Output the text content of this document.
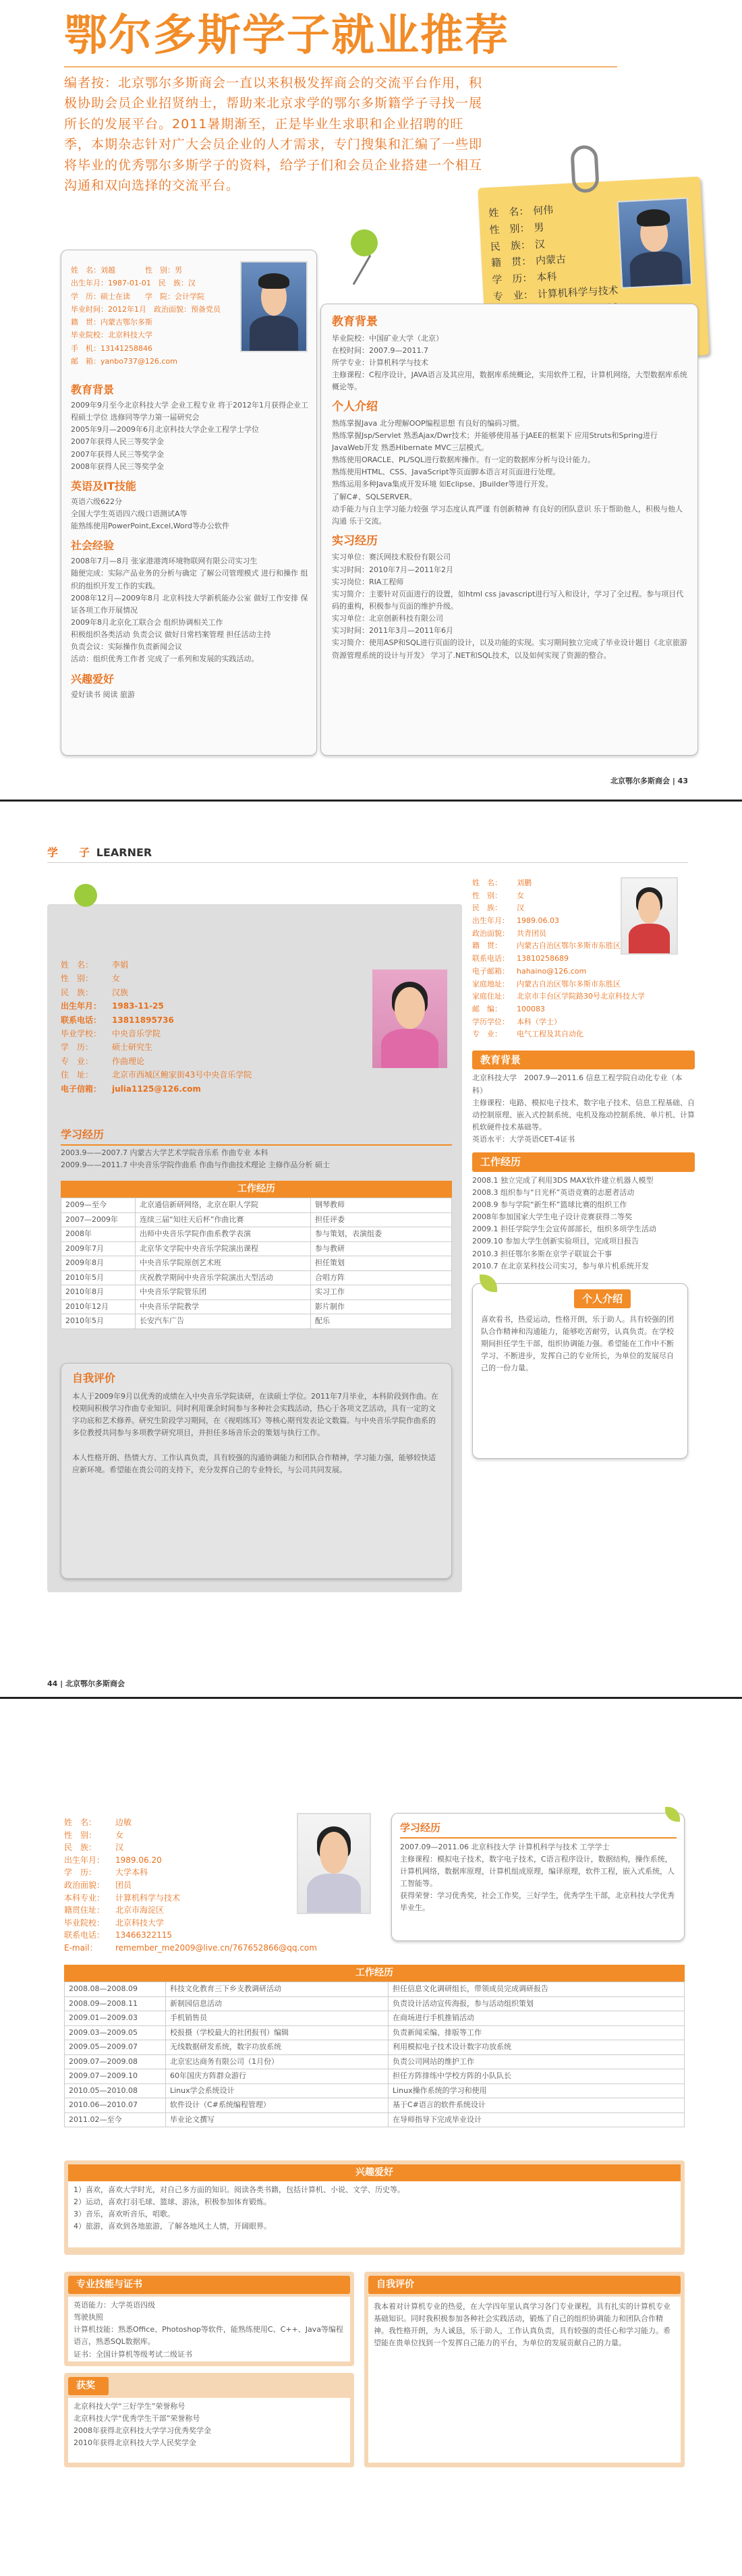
鄂尔多斯学子就业推荐
编者按：北京鄂尔多斯商会一直以来积极发挥商会的交流平台作用，积极协助会员企业招贤纳士，帮助来北京求学的鄂尔多斯籍学子寻找一展所长的发展平台。2011暑期渐至，正是毕业生求职和企业招聘的旺季，本期杂志针对广大会员企业的人才需求，专门搜集和汇编了一些即将毕业的优秀鄂尔多斯学子的资料，给学子们和会员企业搭建一个相互沟通和双向选择的交流平台。
姓　名： 何伟
性　别： 男
民　族： 汉
籍　贯： 内蒙古
学　历： 本科
专　业： 计算机科学与技术
姓　名：刘越　　　　性　别：男
出生年月：1987-01-01　民　族：汉
学　历：硕士在读　　学　院：会计学院
毕业时间：2012年1月　政治面貌：预备党员
籍　贯：内蒙古鄂尔多斯
毕业院校：北京科技大学
手　机：13141258846
邮　箱：yanbo737@126.com
教育背景
2009年9月至今北京科技大学 企业工程专业 将于2012年1月获得企业工程硕士学位 选修同等学力第一届研究会
2005年9月—2009年6月北京科技大学企业工程学士学位
2007年获得人民三等奖学金
2007年获得人民三等奖学金
2008年获得人民三等奖学金
英语及IT技能
英语六级622分
全国大学生英语四六级口语测试A等
能熟练使用PowerPoint,Excel,Word等办公软件
社会经验
2008年7月—8月 张家港港湾环境物联网有限公司实习生
随便完成：实际产品业务的分析与确定 了解公司管理模式 进行和操作 组织的组织开发工作的实践。
2008年12月—2009年8月 北京科技大学新机能办公室 做好工作安排 保证各项工作开展情况
2009年8月北京化工联合会 组织协调相关工作
积极组织各类活动 负责会议 做好日常档案管理 担任活动主持
负责会议：实际操作负责新闻会议
活动：组织优秀工作者 完成了一系列和发展的实践活动。
兴趣爱好
爱好读书 阅读 旅游
教育背景
毕业院校：中国矿业大学（北京）
在校时间：2007.9—2011.7
所学专业：计算机科学与技术
主修课程：C程序设计，JAVA语言及其应用，数据库系统概论，实用软件工程，计算机网络，大型数据库系统概论等。
个人介绍
熟练掌握Java 北分理解OOP编程思想 有良好的编码习惯。
熟练掌握Jsp/Servlet 熟悉Ajax/Dwr技术；并能够使用基于JAEE的框架下 应用Struts和Spring进行JavaWeb开发 熟悉Hibernate MVC三层模式。
熟练使用ORACLE、PL/SQL进行数据库操作。有一定的数据库分析与设计能力。
熟练使用HTML、CSS、JavaScript等页面脚本语言对页面进行处理。
熟练运用多种Java集成开发环境 如Eclipse、JBuilder等进行开发。
了解C#、SQLSERVER。
动手能力与自主学习能力较强 学习态度认真严谨 有创新精神 有良好的团队意识 乐于帮助他人，积极与他人沟通 乐于交流。
实习经历
实习单位：赛沃网技术股份有限公司
实习时间：2010年7月—2011年2月
实习岗位：RIA工程师
实习简介：主要针对页面进行的设置，如html css javascript进行写入和设计，学习了全过程。参与项目代码的重构，积极参与页面的维护升级。
实习单位：北京创新科技有限公司
实习时间：2011年3月—2011年6月
实习简介：使用ASP和SQL进行页面的设计，以及功能的实现。实习期间独立完成了毕业设计题目《北京旅游资源管理系统的设计与开发》 学习了.NET和SQL技术，以及如何实现了资源的整合。
北京鄂尔多斯商会 | 43
学 子 LEARNER
姓　名：	李娟
性　别：	女
民　族：	汉族
出生年月：	1983-11-25
联系电话：	13811895736
毕业学校：	中央音乐学院
学　历：	硕士研究生
专　业：	作曲理论
住　址：	北京市西城区鲍家街43号中央音乐学院
电子信箱：	julia1125@126.com
学习经历
2003.9——2007.7 内蒙古大学艺术学院音乐系 作曲专业 本科
2009.9——2011.7 中央音乐学院作曲系 作曲与作曲技术理论 主修作品分析 硕士
工作经历
2009—至今	北京通信新研网络，北京在职人学院	钢琴教师
2007—2009年	连续三届“知往天后杯”作曲比赛	担任评委
2008年	出师中央音乐学院作曲系教学表演	参与策划，表演组委
2009年7月	北京华文学院中央音乐学院演出课程	参与教研
2009年8月	中央音乐学院原创艺术班	担任策划
2010年5月	庆祝教学期间中央音乐学院演出大型活动	合唱方阵
2010年8月	中央音乐学院管乐团	实习工作
2010年12月	中央音乐学院教学	影片制作
2010年5月	长安汽车广告	配乐
自我评价
本人于2009年9月以优秀的成绩在入中央音乐学院读研，在读硕士学位。2011年7月毕业，本科阶段到作曲。在校期间积极学习作曲专业知识、同时利用课余时间参与多种社会实践活动，热心于各项文艺活动，具有一定的文字功底和艺术修养。研究生阶段学习期间，在《视唱练耳》等核心期刊发表论文数篇。与中央音乐学院作曲系的多位教授共同参与多项教学研究项目，并担任多场音乐会的策划与执行工作。

本人性格开朗、热情大方、工作认真负责，具有较强的沟通协调能力和团队合作精神，学习能力强，能够较快适应新环境。希望能在贵公司的支持下，充分发挥自己的专业特长，与公司共同发展。
姓　名：	刘鹏
性　别：	女
民　族：	汉
出生年月：	1989.06.03
政治面貌：	共青团员
籍　贯：	内蒙古自治区鄂尔多斯市东胜区
联系电话：	13810258689
电子邮箱：	hahaino@126.com
家庭地址：	内蒙古自治区鄂尔多斯市东胜区
家庭住址：	北京市丰台区学院路30号北京科技大学
邮　编：	100083
学历学位：	本科（学士）
专　业：	电气工程及其自动化
教育背景
北京科技大学　2007.9—2011.6 信息工程学院自动化专业（本科）
主修课程：电路、模拟电子技术、数字电子技术、信息工程基础、自动控制原理、嵌入式控制系统、电机及拖动控制系统、单片机、计算机软硬件技术基础等。
英语水平：大学英语CET-4证书
工作经历
2008.1 独立完成了利用3DS MAX软件建立机器人模型
2008.3 组织参与“日光杯”英语竞赛的志愿者活动
2008.9 参与学院“新生杯”篮球比赛的组织工作
2008年参加国家大学生电子设计竞赛获得二等奖
2009.1 担任学院学生会宣传部部长，组织多项学生活动
2009.10 参加大学生创新实验项目，完成项目报告
2010.3 担任鄂尔多斯在京学子联谊会干事
2010.7 在北京某科技公司实习，参与单片机系统开发
个人介绍
喜欢看书，热爱运动，性格开朗，乐于助人。具有较强的团队合作精神和沟通能力，能够吃苦耐劳，认真负责。在学校期间担任学生干部，组织协调能力强。希望能在工作中不断学习、不断进步，发挥自己的专业所长，为单位的发展尽自己的一份力量。
44 | 北京鄂尔多斯商会
姓　名：	边敏
性　别：	女
民　族：	汉
出生年月：	1989.06.20
学　历：	大学本科
政治面貌：	团员
本科专业：	计算机科学与技术
籍贯住址：	北京市海淀区
毕业院校：	北京科技大学
联系电话：	13466322115
E-mail：	remember_me2009@live.cn/767652866@qq.com
学习经历
2007.09—2011.06 北京科技大学 计算机科学与技术 工学学士
主修课程：模拟电子技术，数字电子技术，C语言程序设计，数据结构，操作系统，计算机网络，数据库原理，计算机组成原理，编译原理，软件工程，嵌入式系统，人工智能等。
获得荣誉：学习优秀奖，社会工作奖，三好学生，优秀学生干部，北京科技大学优秀毕业生。
工作经历
2008.08—2008.09	科技文化教育三下乡支教调研活动	担任信息文化调研组长，带领成员完成调研报告
2008.09—2008.11	新制园信息活动	负责设计活动宣传海报，参与活动组织策划
2009.01—2009.03	手机销售员	在商场进行手机推销活动
2009.03—2009.05	校报摄（学校最大的社团报刊）编辑	负责新闻采编、排版等工作
2009.05—2009.07	无线数据研发系统，数字功放系统	利用模拟电子技术设计数字功放系统
2009.07—2009.08	北京宏达商务有限公司（1月份）	负责公司网站的维护工作
2009.07—2009.10	60年国庆方阵群众游行	担任方阵排练中学校方阵的小队队长
2010.05—2010.08	Linux学会系统设计	Linux操作系统的学习和使用
2010.06—2010.07	软件设计（C#系统编程管理）	基于C#语言的软件系统设计
2011.02—至今	毕业论文撰写	在导师指导下完成毕业设计
兴趣爱好
1）喜欢，喜欢大学时光，对自己多方面的知识。阅读各类书籍，包括计算机、小说、文学、历史等。
2）运动，喜欢打羽毛球、篮球、游泳，积极参加体育锻炼。
3）音乐，喜欢听音乐，唱歌。
4）旅游，喜欢到各地旅游，了解各地风土人情，开阔眼界。
专业技能与证书
英语能力：大学英语四级
驾驶执照
计算机技能：熟悉Office、Photoshop等软件，能熟练使用C、C++、Java等编程语言，熟悉SQL数据库。
证书：全国计算机等级考试二级证书
获奖
北京科技大学“三好学生”荣誉称号
北京科技大学“优秀学生干部”荣誉称号
2008年获得北京科技大学学习优秀奖学金
2010年获得北京科技大学人民奖学金
自我评价
我本着对计算机专业的热爱，在大学四年里认真学习各门专业课程，具有扎实的计算机专业基础知识。同时我积极参加各种社会实践活动，锻炼了自己的组织协调能力和团队合作精神。我性格开朗，为人诚恳，乐于助人，工作认真负责，具有较强的责任心和学习能力。希望能在贵单位找到一个发挥自己能力的平台，为单位的发展贡献自己的力量。
